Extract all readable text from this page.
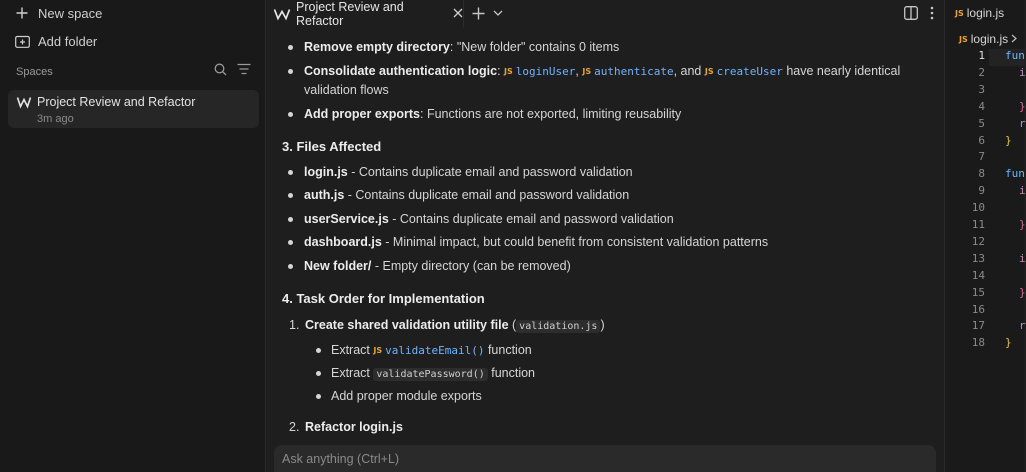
New space
Add folder
Spaces
Project Review and Refactor
3m ago
Project Review and Refactor
Remove empty directory: "New folder" contains 0 items
Consolidate authentication logic: JS loginUser, JS authenticate, and JS createUser have nearly identical
validation flows
Add proper exports: Functions are not exported, limiting reusability
3. Files Affected
login.js - Contains duplicate email and password validation
auth.js - Contains duplicate email and password validation
userService.js - Contains duplicate email and password validation
dashboard.js - Minimal impact, but could benefit from consistent validation patterns
New folder/ - Empty directory (can be removed)
4. Task Order for Implementation
1. Create shared validation utility file ( validation.js )
Extract JS validateEmail() function
Extract validatePassword() function
Add proper module exports
2. Refactor login.js
Ask anything (Ctrl+L)
JS login.js
JS login.js
1
2
3
4
5
6
7
8
9
10
11
12
13
14
15
16
17
18
fun
i
}
r
}
fun
i
}
i
}
r
}
